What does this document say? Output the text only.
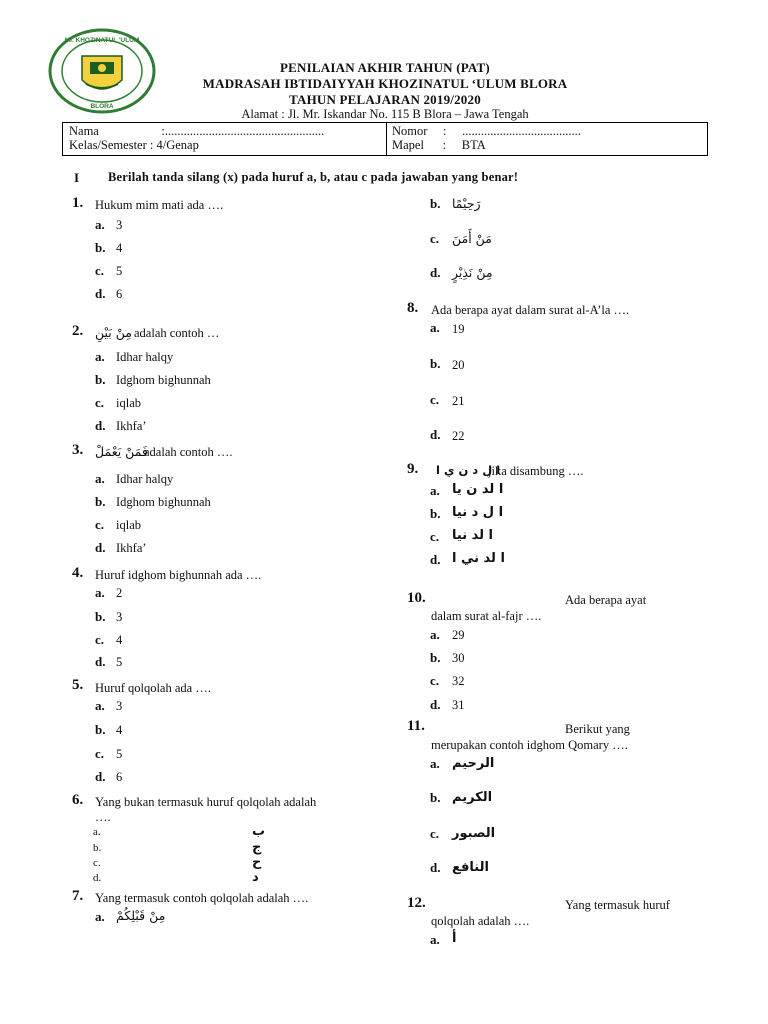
MI. KHOZINATUL 'ULUM
BLORA
PENILAIAN AKHIR TAHUN (PAT)
MADRASAH IBTIDAIYYAH KHOZINATUL ‘ULUM BLORA
TAHUN PELAJARAN 2019/2020
Alamat : Jl. Mr. Iskandar No. 115 B Blora – Jawa Tengah
Nama                    :...................................................
Kelas/Semester : 4/Genap
Nomor     :     ......................................
Mapel      :     BTA
I Berilah tanda silang (x) pada huruf a, b, atau c pada jawaban yang benar!
1. Hukum mim mati ada ….
a. 3
b. 4
c. 5
d. 6
2. مِنْ بَيْنِ adalah contoh …
a. Idhar halqy
b. Idghom bighunnah
c. iqlab
d. Ikhfa’
3. فَمَنْ يَعْمَلْ
adalah contoh ….
a. Idhar halqy
b. Idghom bighunnah
c. iqlab
d. Ikhfa’
4. Huruf idghom bighunnah ada ….
a. 2
b. 3
c. 4
d. 5
5. Huruf qolqolah ada ….
a. 3
b. 4
c. 5
d. 6
6. Yang bukan termasuk huruf qolqolah adalah
….
a.	ب
b.	ج
c.	ح
d.	د
7. Yang termasuk contoh qolqolah adalah ….
a. مِنْ قَبْلِكُمْ
b. رَحِيْمًا
c. مَنْ أَمَنَ
d. مِنْ نَذِيْرٍ
8. Ada berapa ayat dalam surat al-A’la ….
a. 19
b. 20
c. 21
d. 22
9. ا ل د ن ي ا
jika disambung ….
a. ا لد ن يا
b. ا ل د نيا
c. ا لد نيا
d. ا لد ني ا
10.	Ada berapa ayat
dalam surat al-fajr ….
a. 29
b. 30
c. 32
d. 31
11.	Berikut yang
merupakan contoh idghom Qomary ….
a. الرحيم
b. الكريم
c. الصبور
d. النافع
12.	Yang termasuk huruf
qolqolah adalah ….
a. أ
